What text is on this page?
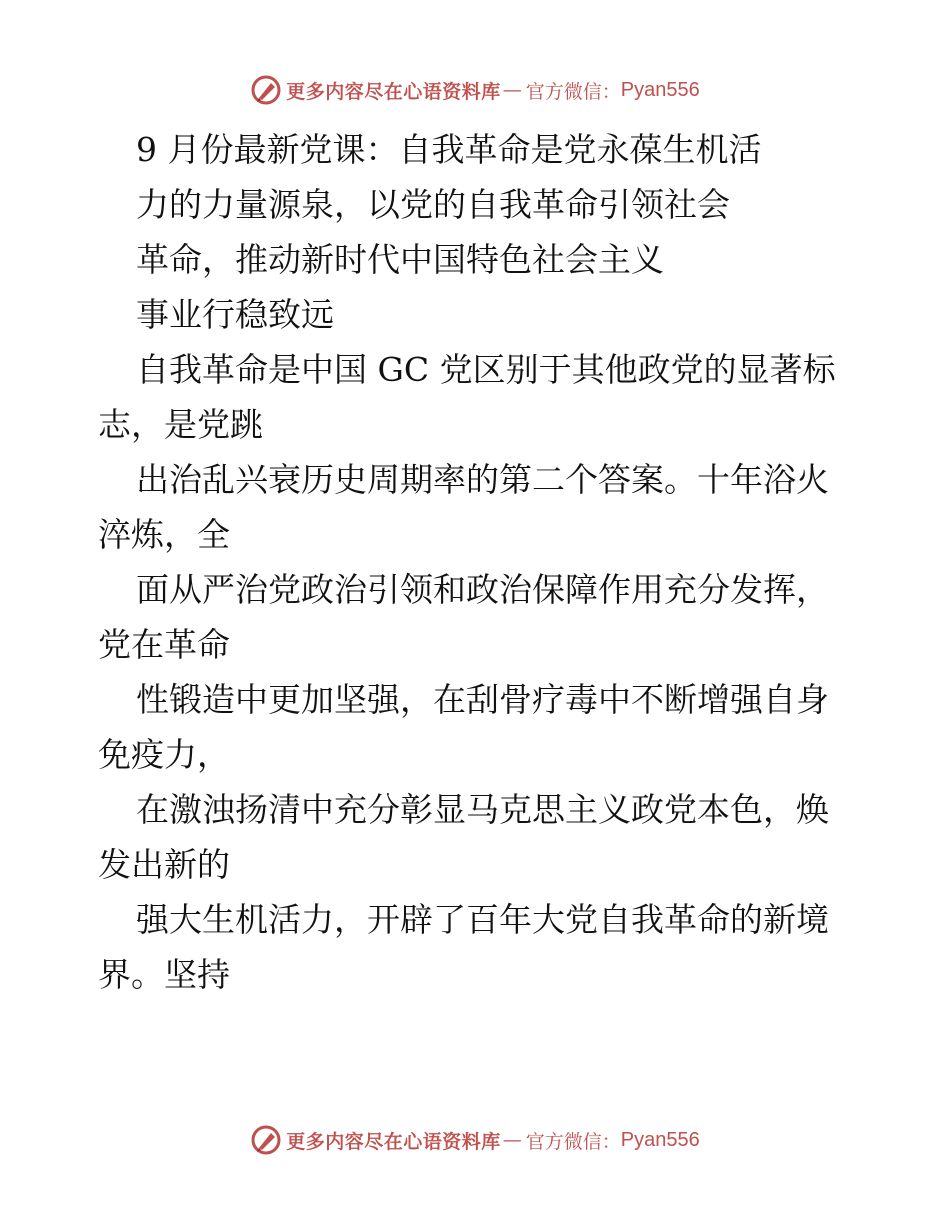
更多内容尽在心语资料库 — 官方微信： Pyan556
9 月份最新党课：自我革命是党永葆生机活
力的力量源泉，以党的自我革命引领社会
革命，推动新时代中国特色社会主义
事业行稳致远
自我革命是中国 GC 党区别于其他政党的显著标
志，是党跳
出治乱兴衰历史周期率的第二个答案。十年浴火
淬炼，全
面从严治党政治引领和政治保障作用充分发挥，
党在革命
性锻造中更加坚强，在刮骨疗毒中不断增强自身
免疫力，
在激浊扬清中充分彰显马克思主义政党本色，焕
发出新的
强大生机活力，开辟了百年大党自我革命的新境
界。坚持
更多内容尽在心语资料库 — 官方微信： Pyan556
